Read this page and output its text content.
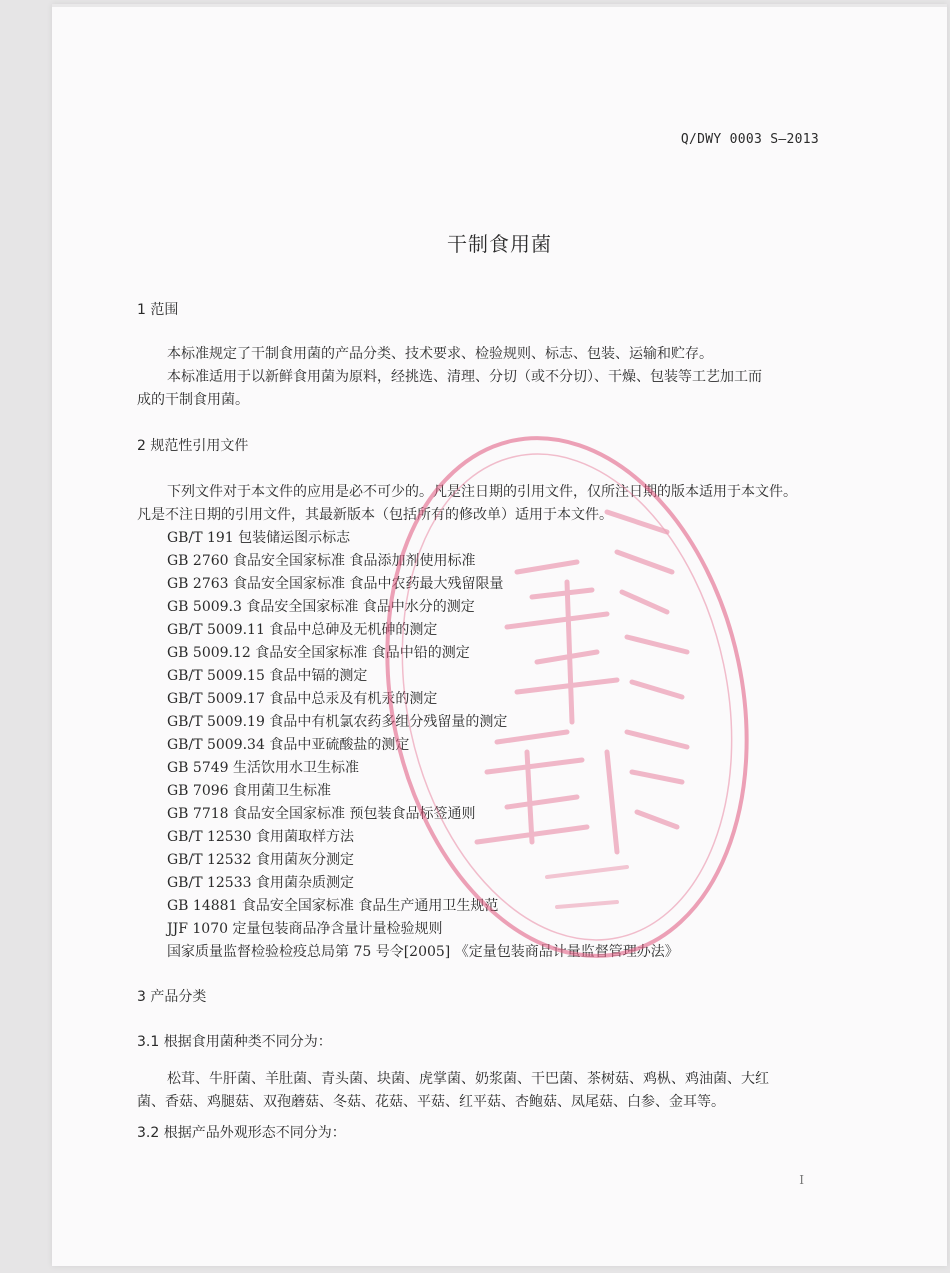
Q/DWY 0003 S—2013
干制食用菌
1 范围
本标准规定了干制食用菌的产品分类、技术要求、检验规则、标志、包装、运输和贮存。
本标准适用于以新鲜食用菌为原料，经挑选、清理、分切（或不分切）、干燥、包装等工艺加工而
成的干制食用菌。
2 规范性引用文件
下列文件对于本文件的应用是必不可少的。凡是注日期的引用文件，仅所注日期的版本适用于本文件。
凡是不注日期的引用文件，其最新版本（包括所有的修改单）适用于本文件。
GB/T 191 包装储运图示标志
GB 2760 食品安全国家标准 食品添加剂使用标准
GB 2763 食品安全国家标准 食品中农药最大残留限量
GB 5009.3 食品安全国家标准 食品中水分的测定
GB/T 5009.11 食品中总砷及无机砷的测定
GB 5009.12 食品安全国家标准 食品中铅的测定
GB/T 5009.15 食品中镉的测定
GB/T 5009.17 食品中总汞及有机汞的测定
GB/T 5009.19 食品中有机氯农药多组分残留量的测定
GB/T 5009.34 食品中亚硫酸盐的测定
GB 5749 生活饮用水卫生标准
GB 7096 食用菌卫生标准
GB 7718 食品安全国家标准 预包装食品标签通则
GB/T 12530 食用菌取样方法
GB/T 12532 食用菌灰分测定
GB/T 12533 食用菌杂质测定
GB 14881 食品安全国家标准 食品生产通用卫生规范
JJF 1070 定量包装商品净含量计量检验规则
国家质量监督检验检疫总局第 75 号令[2005] 《定量包装商品计量监督管理办法》
3 产品分类
3.1 根据食用菌种类不同分为：
松茸、牛肝菌、羊肚菌、青头菌、块菌、虎掌菌、奶浆菌、干巴菌、茶树菇、鸡枞、鸡油菌、大红
菌、香菇、鸡腿菇、双孢蘑菇、冬菇、花菇、平菇、红平菇、杏鲍菇、凤尾菇、白参、金耳等。
3.2 根据产品外观形态不同分为：
I
